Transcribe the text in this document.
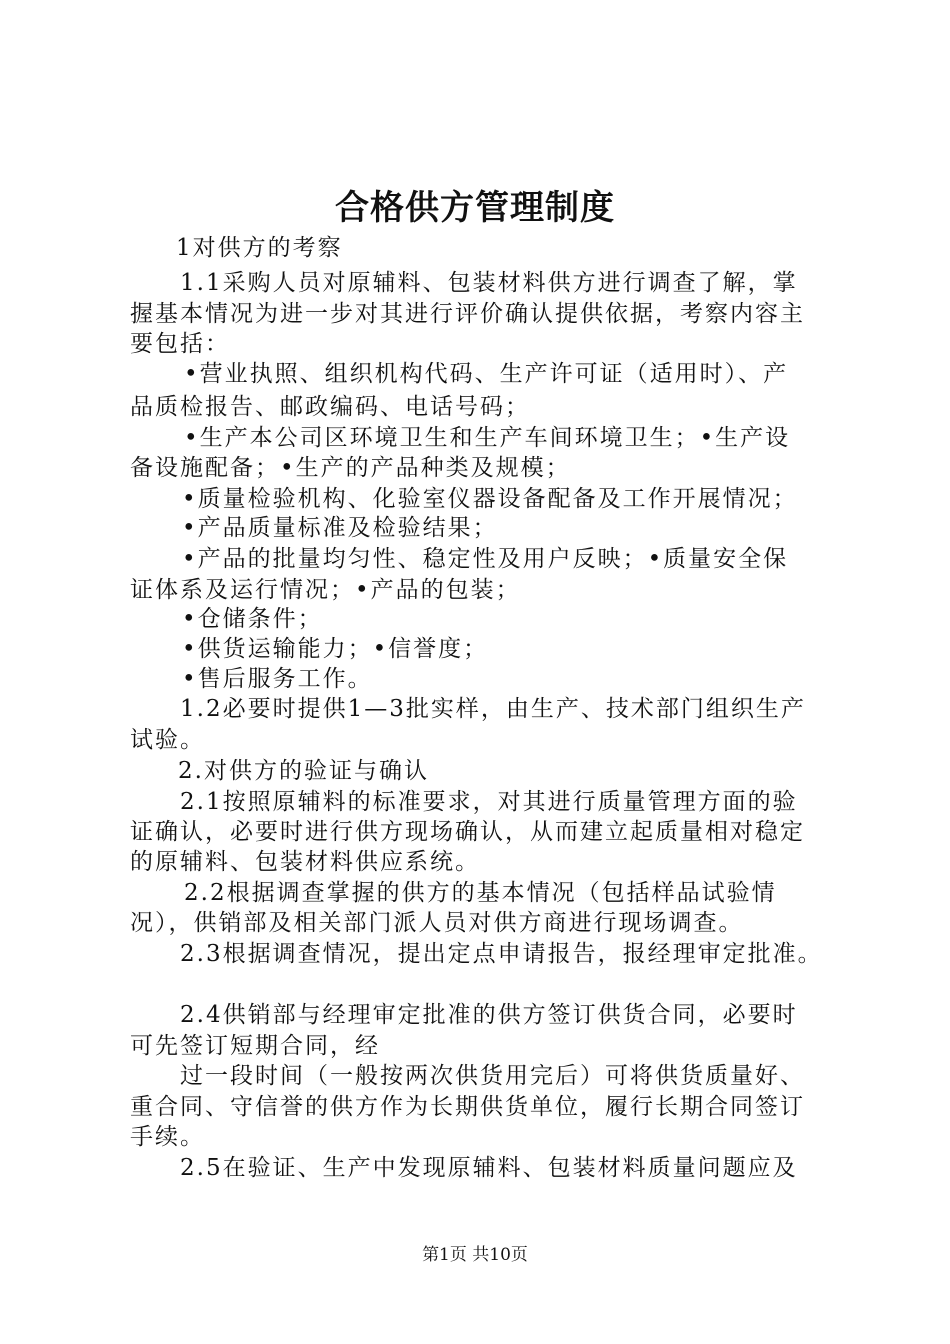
合格供方管理制度
1对供方的考察
1.1采购人员对原辅料、包装材料供方进行调查了解，掌
握基本情况为进一步对其进行评价确认提供依据，考察内容主
要包括：
•营业执照、组织机构代码、生产许可证（适用时）、产
品质检报告、邮政编码、电话号码；
•生产本公司区环境卫生和生产车间环境卫生；•生产设
备设施配备；•生产的产品种类及规模；
•质量检验机构、化验室仪器设备配备及工作开展情况；
•产品质量标准及检验结果；
•产品的批量均匀性、稳定性及用户反映；•质量安全保
证体系及运行情况；•产品的包装；
•仓储条件；
•供货运输能力；•信誉度；
•售后服务工作。
1.2必要时提供1—3批实样，由生产、技术部门组织生产
试验。
2.对供方的验证与确认
2.1按照原辅料的标准要求，对其进行质量管理方面的验
证确认，必要时进行供方现场确认，从而建立起质量相对稳定
的原辅料、包装材料供应系统。
2.2根据调查掌握的供方的基本情况（包括样品试验情
况），供销部及相关部门派人员对供方商进行现场调查。
2.3根据调查情况，提出定点申请报告，报经理审定批准。
2.4供销部与经理审定批准的供方签订供货合同，必要时
可先签订短期合同，经
过一段时间（一般按两次供货用完后）可将供货质量好、
重合同、守信誉的供方作为长期供货单位，履行长期合同签订
手续。
2.5在验证、生产中发现原辅料、包装材料质量问题应及
第1页 共10页
